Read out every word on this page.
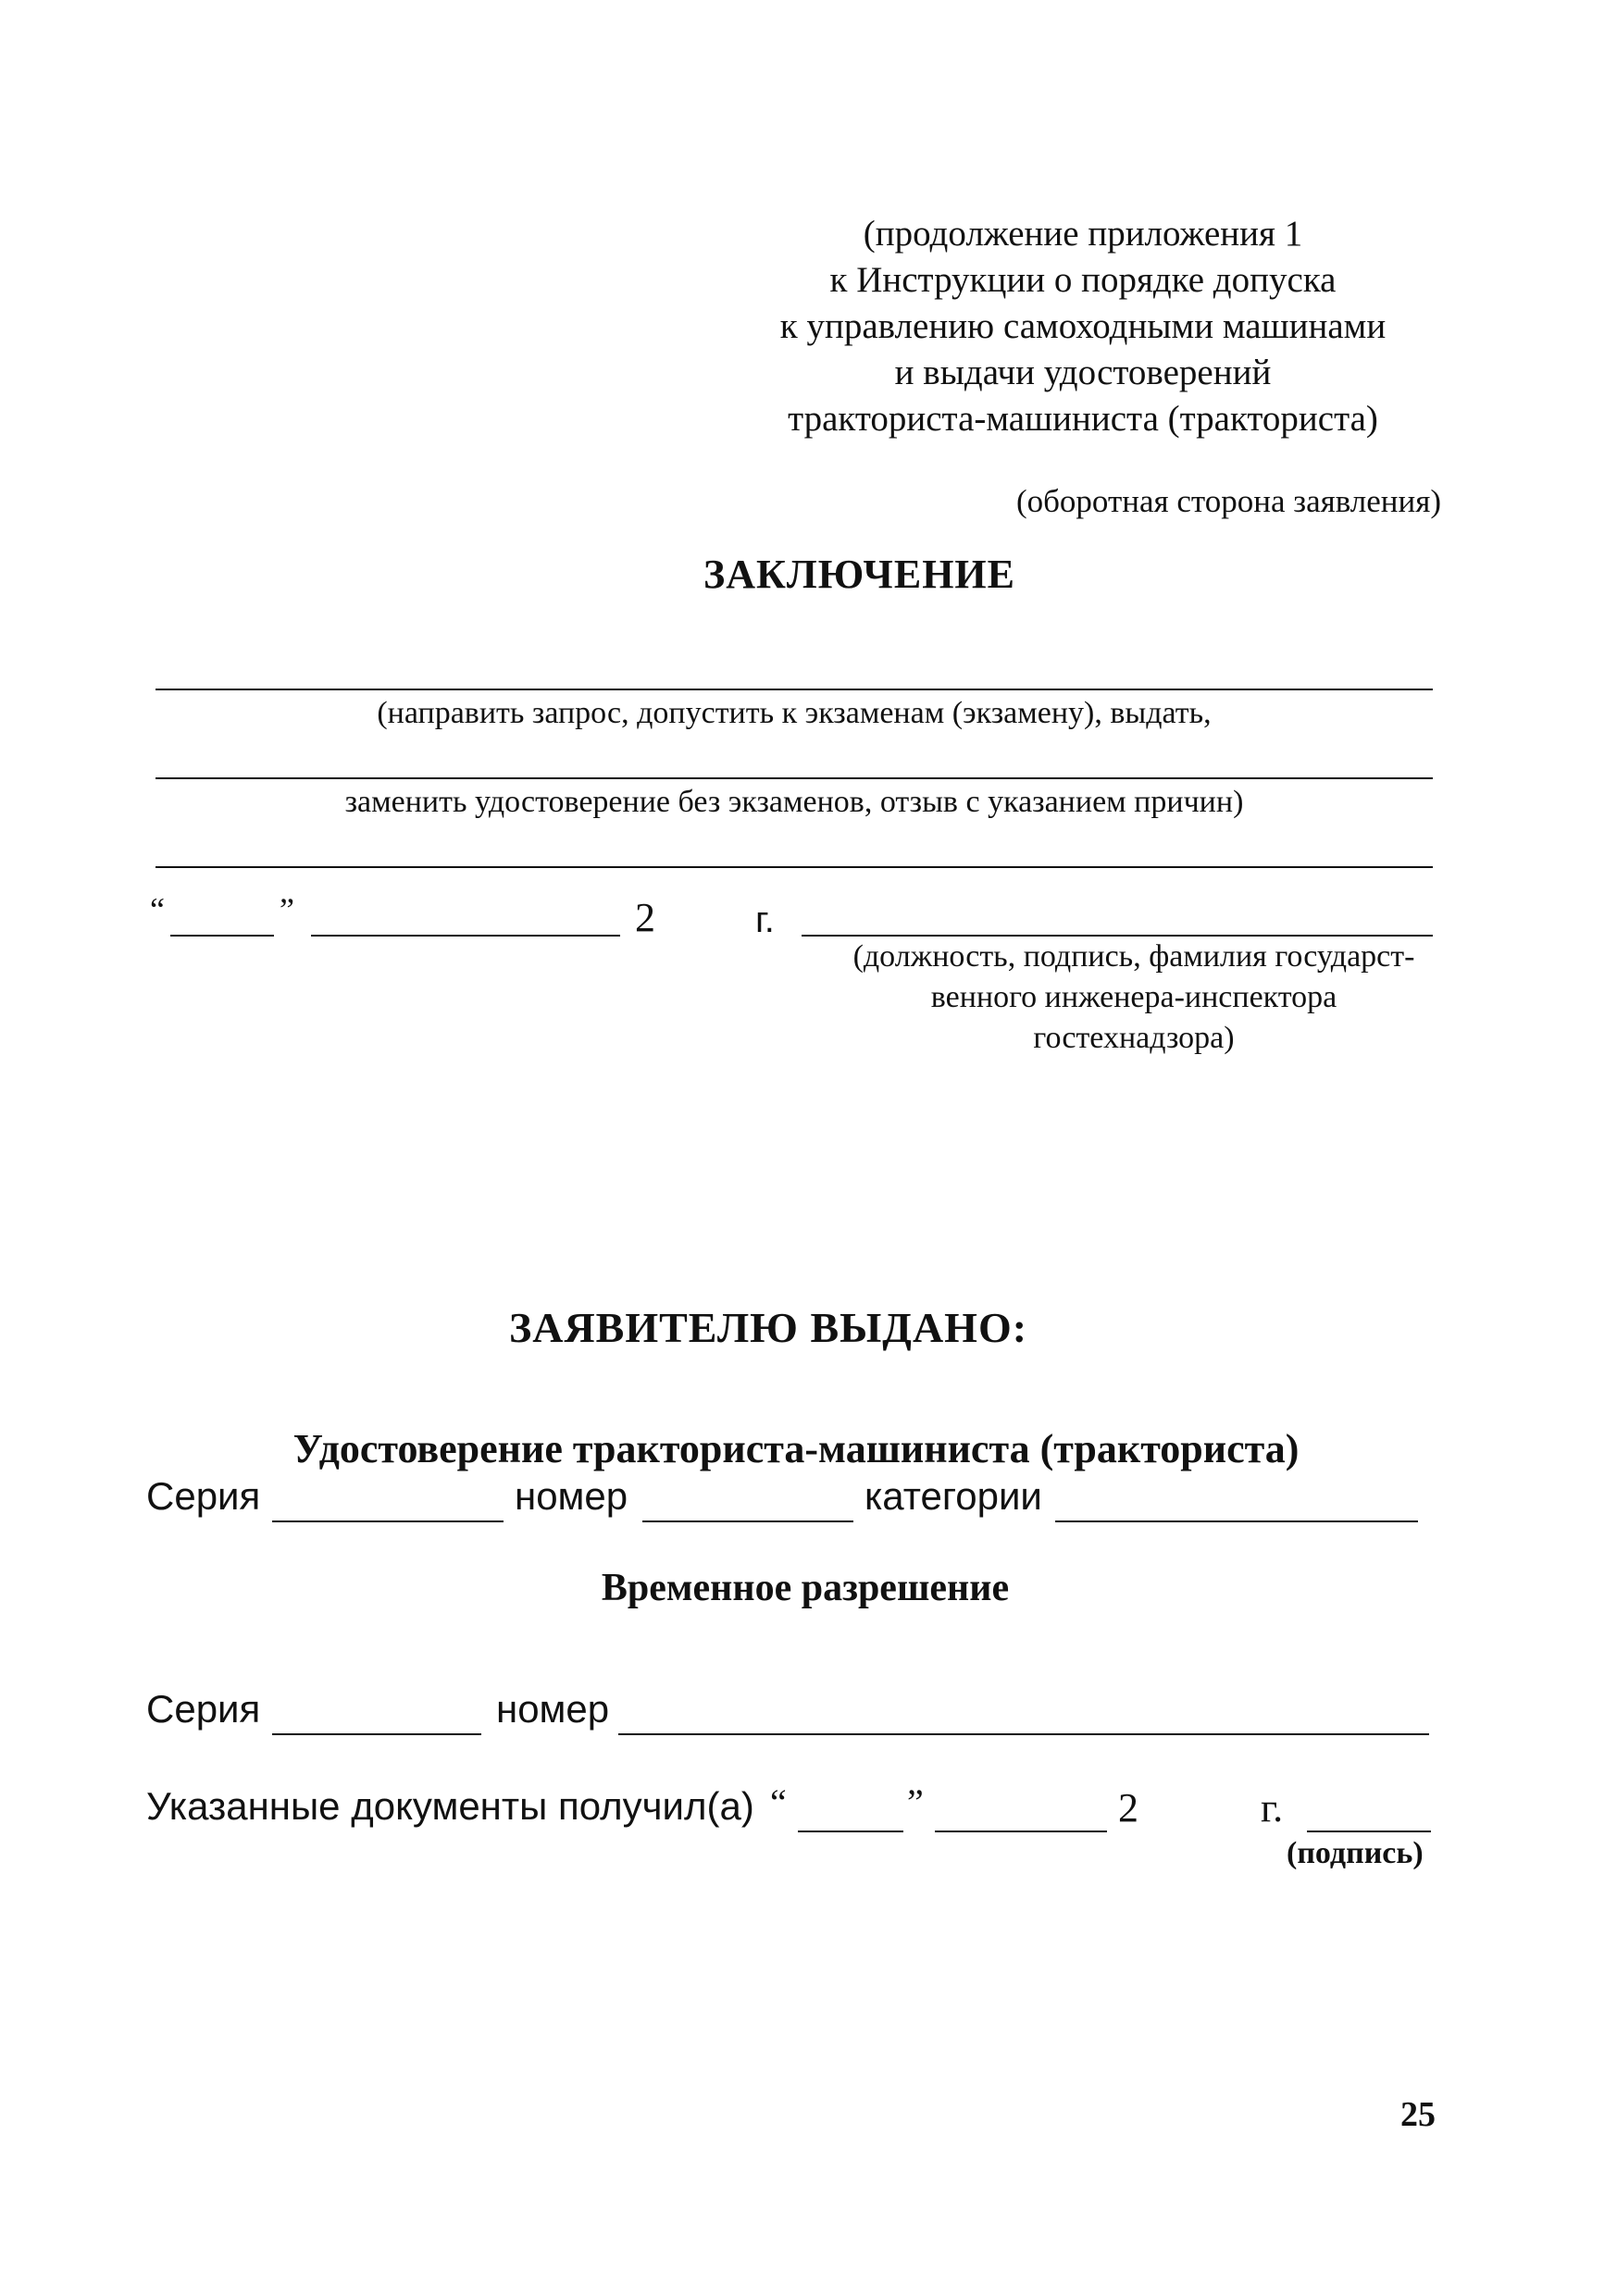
(продолжение приложения 1
к Инструкции о порядке допуска
к управлению самоходными машинами
и выдачи удостоверений
тракториста-машиниста (тракториста)
(оборотная сторона заявления)
ЗАКЛЮЧЕНИЕ
(направить запрос, допустить к экзаменам (экзамену), выдать,
заменить удостоверение без экзаменов, отзыв с указанием причин)
“	”	2	г.
(должность, подпись, фамилия государст-
венного инженера-инспектора
гостехнадзора)
ЗАЯВИТЕЛЮ ВЫДАНО:
Удостоверение тракториста-машиниста (тракториста)
Серия	номер	категории
Временное разрешение
Серия	номер
Указанные документы получил(а) “	”	2	г.
(подпись)
25
